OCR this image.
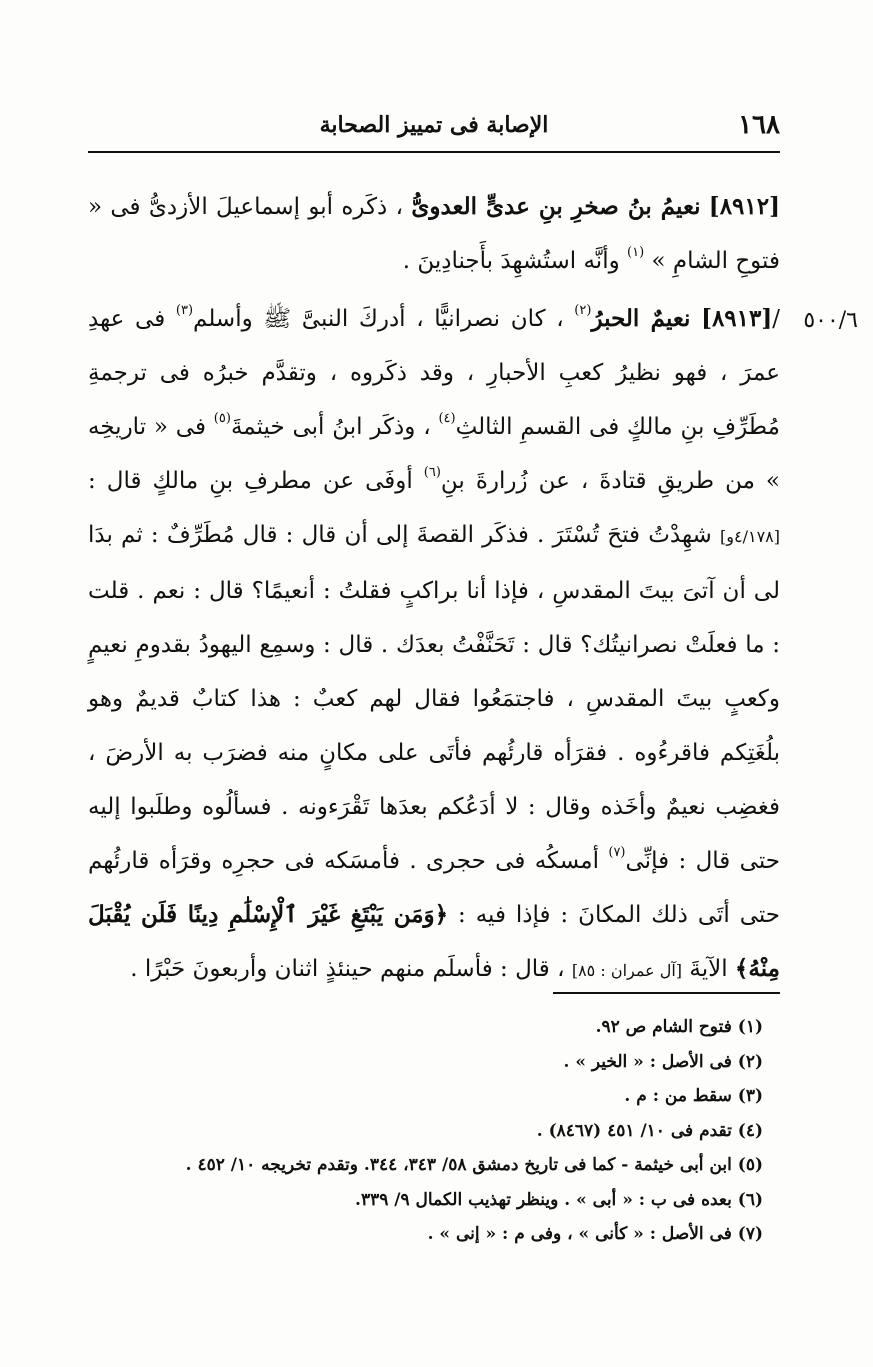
١٦٨
الإصابة فى تمييز الصحابة
٥٠٠/٦

[٨٩١٢] نعيمُ بنُ صخرِ بنِ عدىٍّ العدوىُّ ، ذكَره أبو إسماعيلَ الأزدىُّ فى « فتوحِ الشامِ » $^{(١)}$ وأنَّه استُشهِدَ بأَجنادِينَ .

/[٨٩١٣] نعيمٌ الحبرُ$^{(٢)}$ ، كان نصرانيًّا ، أدركَ النبىَّ ﷺ وأسلم$^{(٣)}$ فى عهدِ عمرَ ، فهو نظيرُ كعبِ الأحبارِ ، وقد ذكَروه ، وتقدَّم خبرُه فى ترجمةِ مُطَرِّفِ بنِ مالكٍ فى القسمِ الثالثِ$^{(٤)}$ ، وذكَر ابنُ أبى خيثمةَ$^{(٥)}$ فى « تاريخِه » من طريقِ قتادةَ ، عن زُرارةَ بنِ$^{(٦)}$ أوفَى عن مطرفِ بنِ مالكٍ قال : [٤/١٧٨و] شهِدْتُ فتحَ تُسْتَرَ . فذكَر القصةَ إلى أن قال : قال مُطَرِّفٌ : ثم بدَا لى أن آتىَ بيتَ المقدسِ ، فإذا أنا براكبٍ فقلتُ : أنعيمًا؟ قال : نعم . قلت : ما فعلَتْ نصرانيتُك؟ قال : تَحَنَّفْتُ بعدَك . قال : وسمِع اليهودُ بقدومِ نعيمٍ وكعبٍ بيتَ المقدسِ ، فاجتمَعُوا فقال لهم كعبٌ : هذا كتابٌ قديمٌ وهو بلُغَتِكم فاقرءُوه . فقرَأه قارئُهم فأتَى على مكانٍ منه فضرَب به الأرضَ ، فغضِب نعيمٌ وأخَذه وقال : لا أدَعُكم بعدَها تَقْرَءونه . فسألُوه وطلَبوا إليه حتى قال : فإنِّى$^{(٧)}$ أمسكُه فى حجرى . فأمسَكه فى حجرِه وقرَأه قارئُهم حتى أتَى ذلك المكانَ : فإذا فيه : ﴿وَمَن يَبْتَغِ غَيْرَ ٱلْإِسْلَٰمِ دِينًا فَلَن يُقْبَلَ مِنْهُ﴾ الآيةَ [آل عمران : ٨٥] ، قال : فأسلَم منهم حينئذٍ اثنان وأربعونَ حَبْرًا .

(١) فتوح الشام ص ٩٢.

(٢) فى الأصل : « الخير » .

(٣) سقط من : م .

(٤) تقدم فى ١٠/ ٤٥١ (٨٤٦٧) .

(٥) ابن أبى خيثمة - كما فى تاريخ دمشق ٥٨/ ٣٤٣، ٣٤٤. وتقدم تخريجه ١٠/ ٤٥٢ .

(٦) بعده فى ب : « أبى » . وينظر تهذيب الكمال ٩/ ٣٣٩.

(٧) فى الأصل : « كأنى » ، وفى م : « إنى » .
